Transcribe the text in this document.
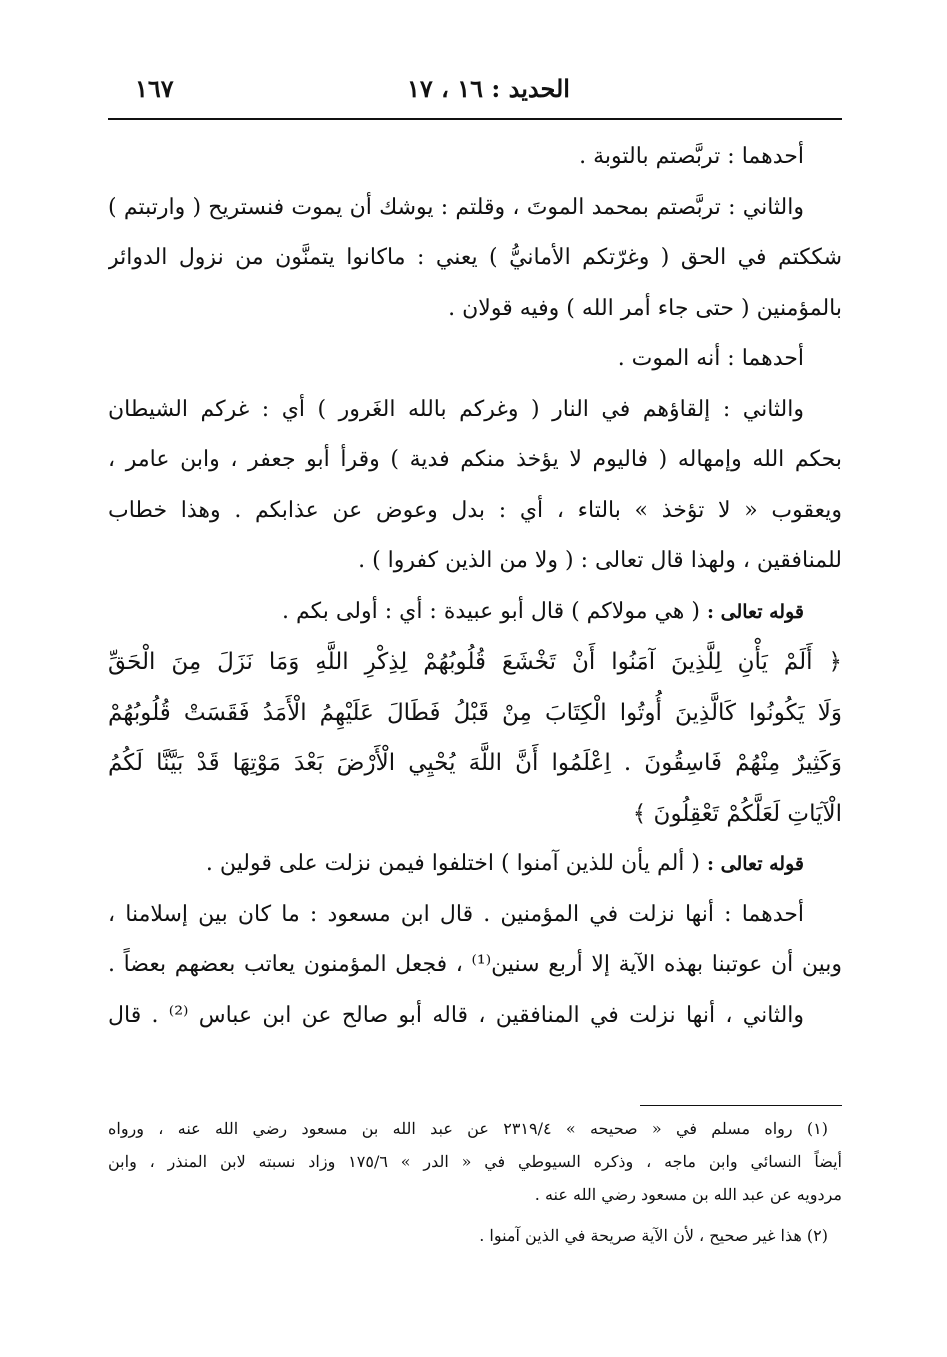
الحديد : ١٦ ، ١٧
١٦٧
أحدهما : تربَّصتم بالتوبة .
والثاني : تربَّصتم بمحمد الموتَ ، وقلتم : يوشك أن يموت فنستريح ( وارتبتم )
شككتم في الحق ( وغرّتكم الأمانيُّ ) يعني : ماكانوا يتمنَّون من نزول الدوائر
بالمؤمنين ( حتى جاء أمر الله ) وفيه قولان .
أحدهما : أنه الموت .
والثاني : إلقاؤهم في النار ( وغركم بالله الغَرور ) أي : غركم الشيطان
بحكم الله وإمهاله ( فاليوم لا يؤخذ منكم فدية ) وقرأ أبو جعفر ، وابن عامر ،
ويعقوب « لا تؤخذ » بالتاء ، أي : بدل وعوض عن عذابكم . وهذا خطاب
للمنافقين ، ولهذا قال تعالى : ( ولا من الذين كفروا ) .
قوله تعالى : ( هي مولاكم ) قال أبو عبيدة : أي : أولى بكم .
﴿ أَلَمْ يَأْنِ لِلَّذِينَ آمَنُوا أَنْ تَخْشَعَ قُلُوبُهُمْ لِذِكْرِ اللَّهِ وَمَا نَزَلَ مِنَ الْحَقِّ
وَلَا يَكُونُوا كَالَّذِينَ أُوتُوا الْكِتَابَ مِنْ قَبْلُ فَطَالَ عَلَيْهِمُ الْأَمَدُ فَقَسَتْ قُلُوبُهُمْ
وَكَثِيرٌ مِنْهُمْ فَاسِقُونَ . اِعْلَمُوا أَنَّ اللَّهَ يُحْيِي الْأَرْضَ بَعْدَ مَوْتِهَا قَدْ بَيَّنَّا لَكُمُ
الْآيَاتِ لَعَلَّكُمْ تَعْقِلُونَ ﴾
قوله تعالى : ( ألم يأن للذين آمنوا ) اختلفوا فيمن نزلت على قولين .
أحدهما : أنها نزلت في المؤمنين . قال ابن مسعود : ما كان بين إسلامنا ،
وبين أن عوتبنا بهذه الآية إلا أربع سنين⁽¹⁾ ، فجعل المؤمنون يعاتب بعضهم بعضاً .
والثاني ، أنها نزلت في المنافقين ، قاله أبو صالح عن ابن عباس ⁽²⁾ . قال
(١) رواه مسلم في « صحيحه » ٢٣١٩/٤ عن عبد الله بن مسعود رضي الله عنه ، ورواه
أيضاً النسائي وابن ماجه ، وذكره السيوطي في « الدر » ١٧٥/٦ وزاد نسبته لابن المنذر ، وابن
مردويه عن عبد الله بن مسعود رضي الله عنه .
(٢) هذا غير صحيح ، لأن الآية صريحة في الذين آمنوا .
